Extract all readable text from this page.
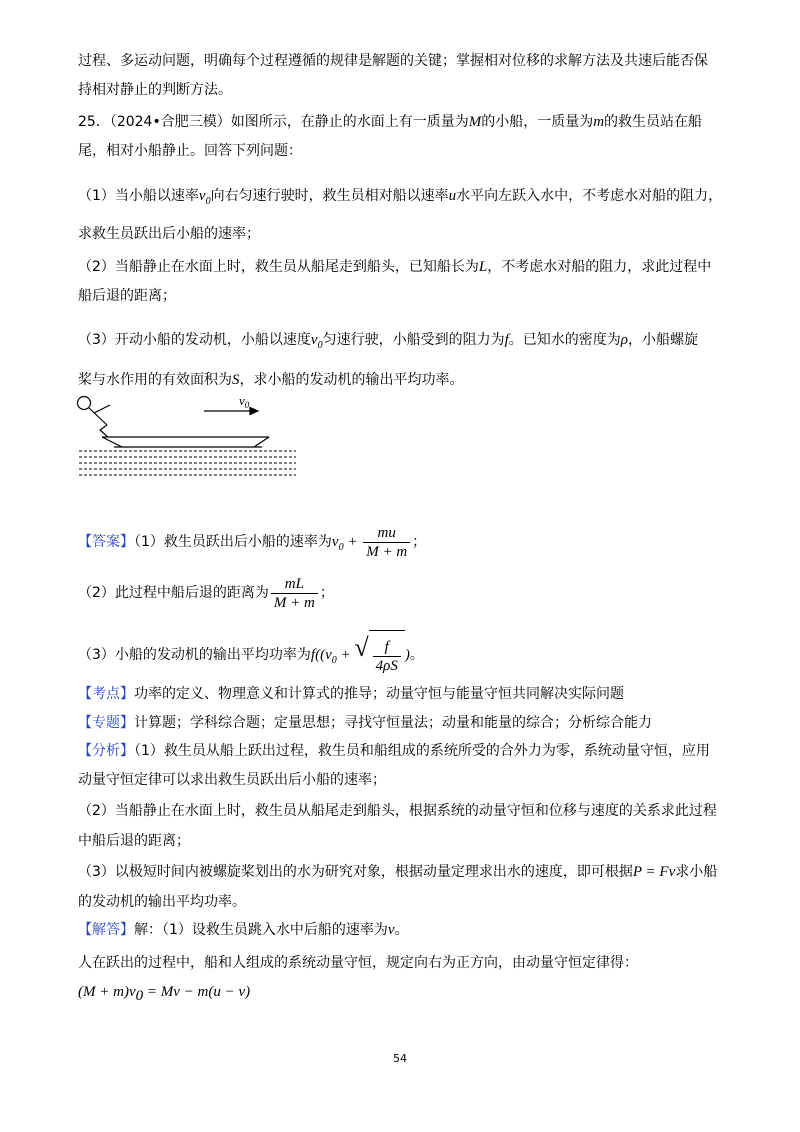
过程、多运动问题，明确每个过程遵循的规律是解题的关键；掌握相对位移的求解方法及共速后能否保
持相对静止的判断方法。
25．（2024•合肥三模）如图所示，在静止的水面上有一质量为M的小船，一质量为m的救生员站在船
尾，相对小船静止。回答下列问题：
（1）当小船以速率$v_0$向右匀速行驶时，救生员相对船以速率u水平向左跃入水中，不考虑水对船的阻力，
求救生员跃出后小船的速率；
（2）当船静止在水面上时，救生员从船尾走到船头，已知船长为L，不考虑水对船的阻力，求此过程中
船后退的距离；
（3）开动小船的发动机，小船以速度$v_0$匀速行驶，小船受到的阻力为f。已知水的密度为ρ，小船螺旋
桨与水作用的有效面积为S，求小船的发动机的输出平均功率。
$v_0$
【答案】（1）救生员跃出后小船的速率为$v_0 + \frac{mu}{M + m}$ ；
（2）此过程中船后退的距离为 $\frac{mL}{M + m}$ ；
（3）小船的发动机的输出平均功率为$f((v_0$ + √ $\frac{f}{4\rho S}$ )。
【考点】功率的定义、物理意义和计算式的推导；动量守恒与能量守恒共同解决实际问题
【专题】计算题；学科综合题；定量思想；寻找守恒量法；动量和能量的综合；分析综合能力
【分析】（1）救生员从船上跃出过程，救生员和船组成的系统所受的合外力为零，系统动量守恒，应用
动量守恒定律可以求出救生员跃出后小船的速率；
（2）当船静止在水面上时，救生员从船尾走到船头，根据系统的动量守恒和位移与速度的关系求此过程
中船后退的距离；
（3）以极短时间内被螺旋桨划出的水为研究对象，根据动量定理求出水的速度，即可根据P = Fv求小船
的发动机的输出平均功率。
【解答】解：（1）设救生员跳入水中后船的速率为v。
人在跃出的过程中，船和人组成的系统动量守恒，规定向右为正方向，由动量守恒定律得：
$(M + m)v_0 = Mv - m(u - v)$
54
